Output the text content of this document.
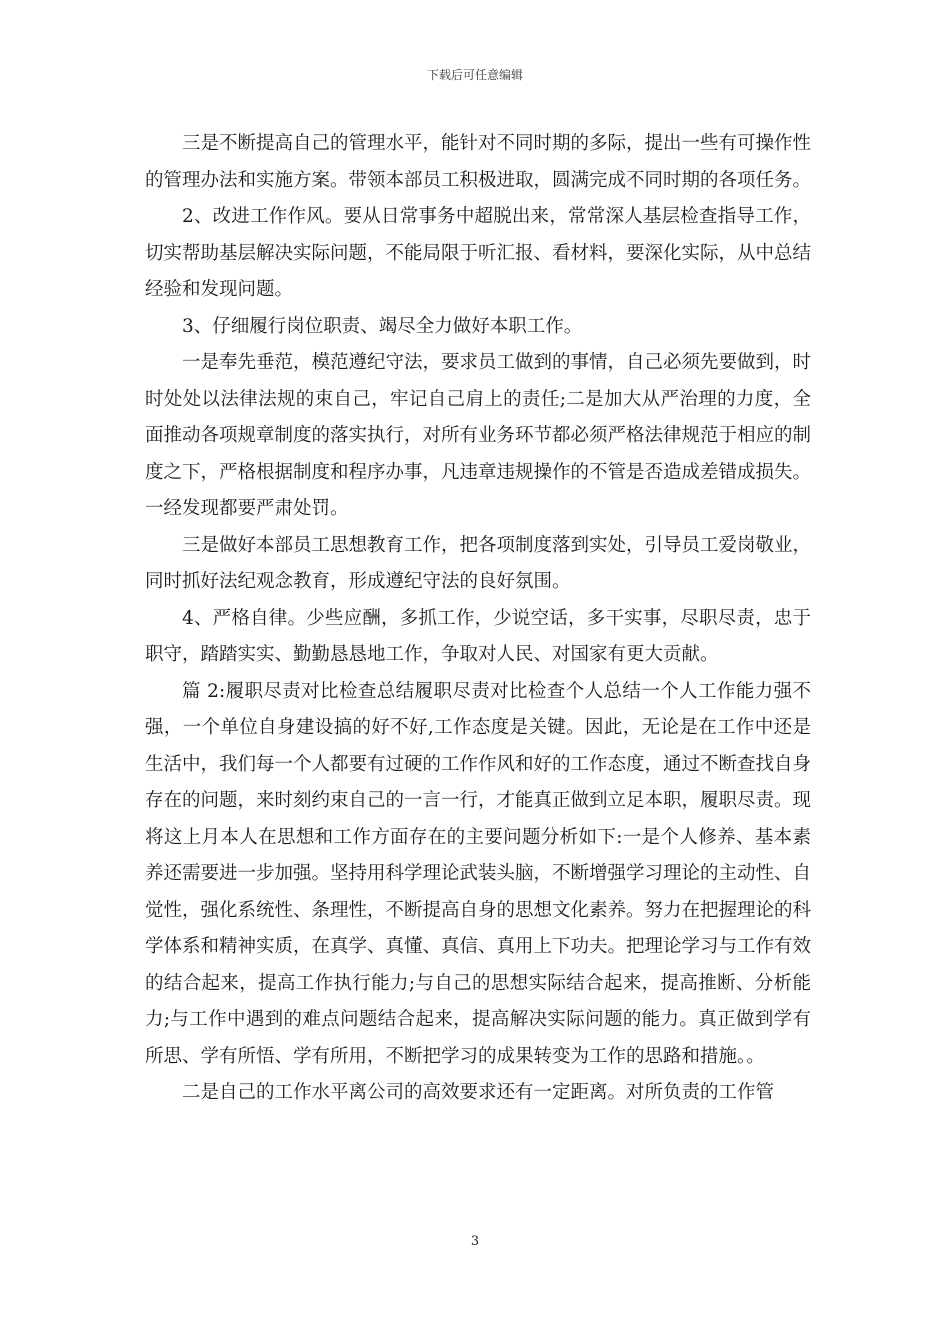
下载后可任意编辑

三是不断提高自己的管理水平，能针对不同时期的多际，提出一些有可操作性的管理办法和实施方案。带领本部员工积极进取，圆满完成不同时期的各项任务。

2、改进工作作风。要从日常事务中超脱出来，常常深人基层检查指导工作，切实帮助基层解决实际问题，不能局限于听汇报、看材料，要深化实际，从中总结经验和发现问题。

3、仔细履行岗位职责、竭尽全力做好本职工作。

一是奉先垂范，模范遵纪守法，要求员工做到的事情，自己必须先要做到，时时处处以法律法规的束自己，牢记自己肩上的责任;二是加大从严治理的力度，全面推动各项规章制度的落实执行，对所有业务环节都必须严格法律规范于相应的制度之下，严格根据制度和程序办事，凡违章违规操作的不管是否造成差错成损失。一经发现都要严肃处罚。

三是做好本部员工思想教育工作，把各项制度落到实处，引导员工爱岗敬业，同时抓好法纪观念教育，形成遵纪守法的良好氛围。

4、严格自律。少些应酬，多抓工作，少说空话，多干实事，尽职尽责，忠于职守，踏踏实实、勤勤恳恳地工作，争取对人民、对国家有更大贡献。

篇 2:履职尽责对比检查总结履职尽责对比检查个人总结一个人工作能力强不强，一个单位自身建设搞的好不好,工作态度是关键。因此，无论是在工作中还是生活中，我们每一个人都要有过硬的工作作风和好的工作态度，通过不断查找自身存在的问题，来时刻约束自己的一言一行，才能真正做到立足本职，履职尽责。现将这上月本人在思想和工作方面存在的主要问题分析如下:一是个人修养、基本素养还需要进一步加强。坚持用科学理论武装头脑，不断增强学习理论的主动性、自觉性，强化系统性、条理性，不断提高自身的思想文化素养。努力在把握理论的科学体系和精神实质，在真学、真懂、真信、真用上下功夫。把理论学习与工作有效的结合起来，提高工作执行能力;与自己的思想实际结合起来，提高推断、分析能力;与工作中遇到的难点问题结合起来，提高解决实际问题的能力。真正做到学有所思、学有所悟、学有所用，不断把学习的成果转变为工作的思路和措施。。

二是自己的工作水平离公司的高效要求还有一定距离。对所负责的工作管

3
